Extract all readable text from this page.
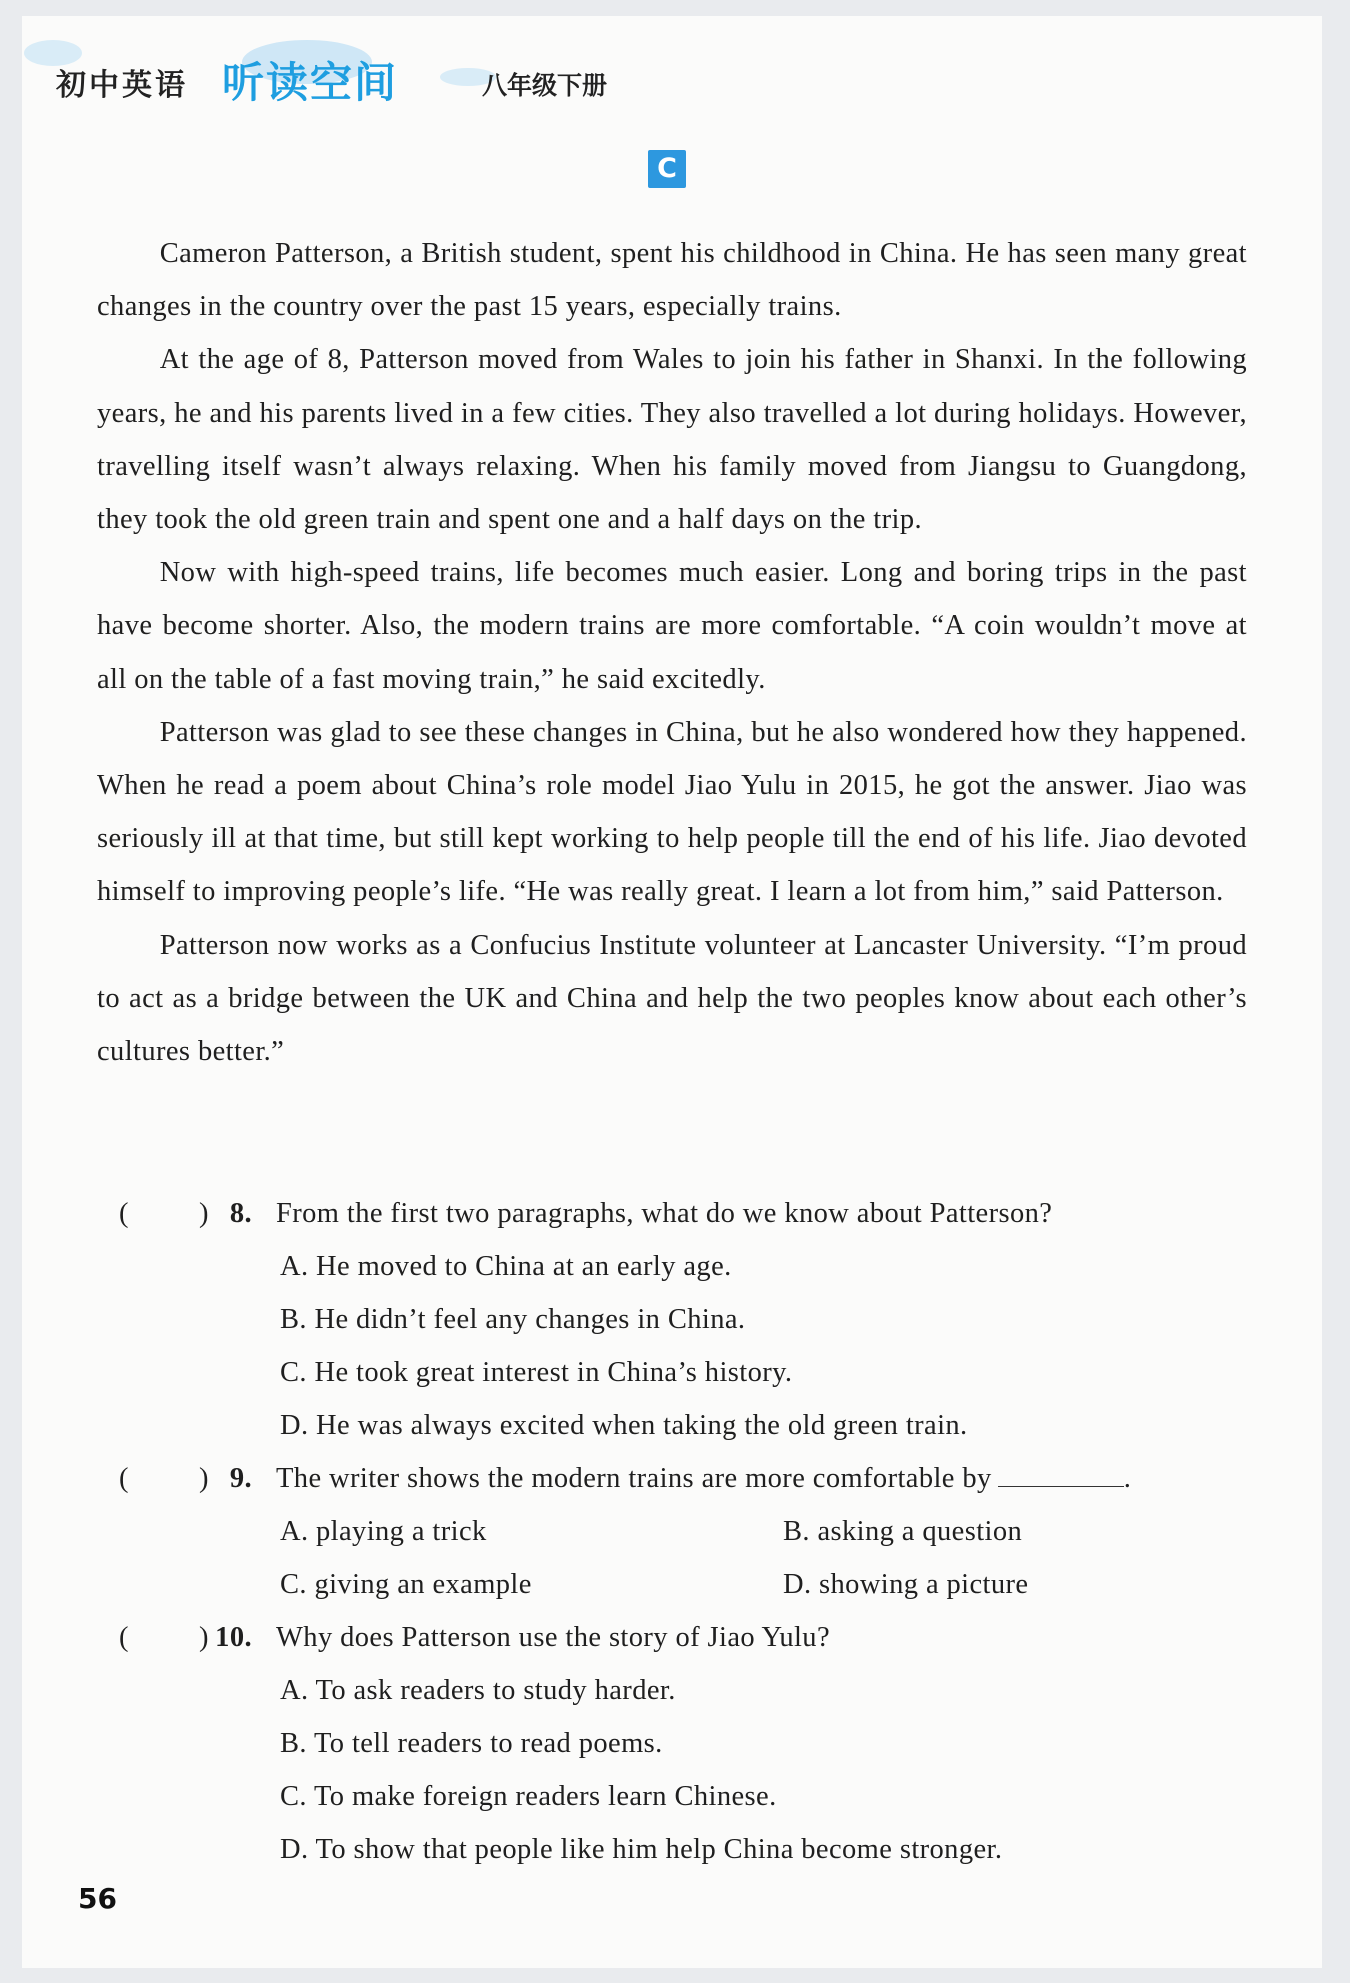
初中英语 听读空间	八年级下册
C

Cameron Patterson, a British student, spent his childhood in China. He has seen many great changes in the country over the past 15 years, especially trains.

At the age of 8, Patterson moved from Wales to join his father in Shanxi. In the following years, he and his parents lived in a few cities. They also travelled a lot during holidays. However, travelling itself wasn’t always relaxing. When his family moved from Jiangsu to Guangdong, they took the old green train and spent one and a half days on the trip.

Now with high-speed trains, life becomes much easier. Long and boring trips in the past have become shorter. Also, the modern trains are more comfortable. “A coin wouldn’t move at all on the table of a fast moving train,” he said excitedly.

Patterson was glad to see these changes in China, but he also wondered how they happened. When he read a poem about China’s role model Jiao Yulu in 2015, he got the answer. Jiao was seriously ill at that time, but still kept working to help people till the end of his life. Jiao devoted himself to improving people’s life. “He was really great. I learn a lot from him,” said Patterson.

Patterson now works as a Confucius Institute volunteer at Lancaster University. “I’m proud to act as a bridge between the UK and China and help the two peoples know about each other’s cultures better.”

( ) 8. From the first two paragraphs, what do we know about Patterson?
A. He moved to China at an early age.
B. He didn’t feel any changes in China.
C. He took great interest in China’s history.
D. He was always excited when taking the old green train.
( ) 9. The writer shows the modern trains are more comfortable by	.
A. playing a trick	B. asking a question
C. giving an example	D. showing a picture
( ) 10. Why does Patterson use the story of Jiao Yulu?
A. To ask readers to study harder.
B. To tell readers to read poems.
C. To make foreign readers learn Chinese.
D. To show that people like him help China become stronger.
56
